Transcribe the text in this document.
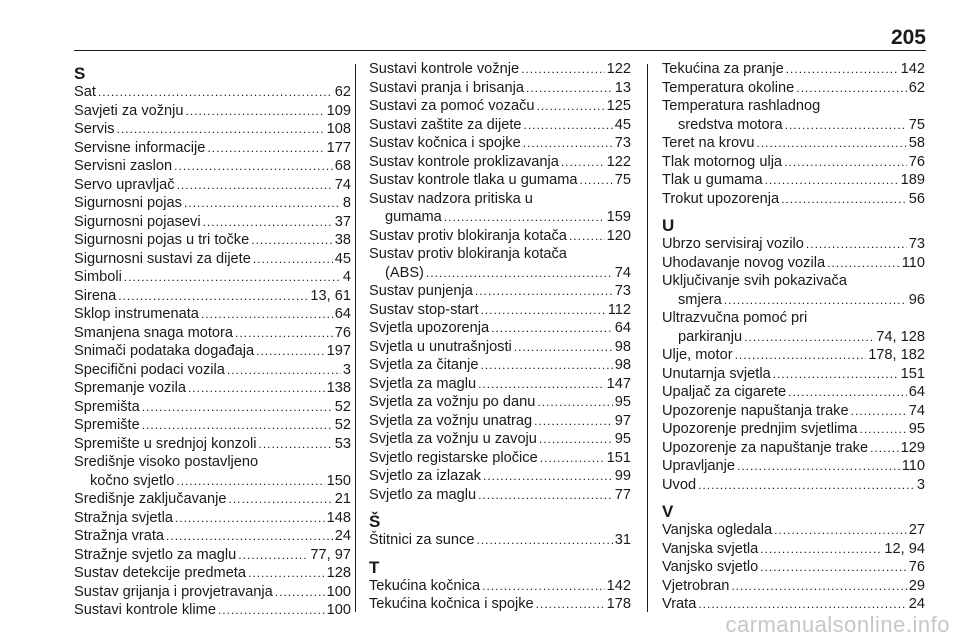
205
S
Sat .....	62
Savjeti za vožnju .....	109
Servis .....	108
Servisne informacije .....	177
Servisni zaslon .....	68
Servo upravljač .....	74
Sigurnosni pojas .....	8
Sigurnosni pojasevi .....	37
Sigurnosni pojas u tri točke .....	38
Sigurnosni sustavi za dijete .....	45
Simboli .....	4
Sirena .....	13, 61
Sklop instrumenata .....	64
Smanjena snaga motora .....	76
Snimači podataka događaja .....	197
Specifični podaci vozila .....	3
Spremanje vozila .....	138
Spremišta .....	52
Spremište .....	52
Spremište u srednjoj konzoli .....	53
Središnje visoko postavljeno
kočno svjetlo .....	150
Središnje zaključavanje .....	21
Stražnja svjetla .....	148
Stražnja vrata .....	24
Stražnje svjetlo za maglu .....	77, 97
Sustav detekcije predmeta .....	128
Sustav grijanja i provjetravanja .....	100
Sustavi kontrole klime .....	100
Sustavi kontrole vožnje .....	122
Sustavi pranja i brisanja .....	13
Sustavi za pomoć vozaču .....	125
Sustavi zaštite za dijete .....	45
Sustav kočnica i spojke .....	73
Sustav kontrole proklizavanja .....	122
Sustav kontrole tlaka u gumama .....	75
Sustav nadzora pritiska u
gumama .....	159
Sustav protiv blokiranja kotača .....	120
Sustav protiv blokiranja kotača
(ABS) .....	74
Sustav punjenja .....	73
Sustav stop-start .....	112
Svjetla upozorenja .....	64
Svjetla u unutrašnjosti .....	98
Svjetla za čitanje .....	98
Svjetla za maglu .....	147
Svjetla za vožnju po danu .....	95
Svjetla za vožnju unatrag .....	97
Svjetla za vožnju u zavoju .....	95
Svjetlo registarske pločice .....	151
Svjetlo za izlazak .....	99
Svjetlo za maglu .....	77
Š
Štitnici za sunce .....	31
T
Tekućina kočnica .....	142
Tekućina kočnica i spojke .....	178
Tekućina za pranje .....	142
Temperatura okoline .....	62
Temperatura rashladnog
sredstva motora .....	75
Teret na krovu .....	58
Tlak motornog ulja .....	76
Tlak u gumama .....	189
Trokut upozorenja .....	56
U
Ubrzo servisiraj vozilo .....	73
Uhodavanje novog vozila .....	110
Uključivanje svih pokazivača
smjera .....	96
Ultrazvučna pomoć pri
parkiranju .....	74, 128
Ulje, motor .....	178, 182
Unutarnja svjetla .....	151
Upaljač za cigarete .....	64
Upozorenje napuštanja trake .....	74
Upozorenje prednjim svjetlima .....	95
Upozorenje za napuštanje trake ..... 129
Upravljanje .....	110
Uvod .....	3
V
Vanjska ogledala .....	27
Vanjska svjetla .....	12, 94
Vanjsko svjetlo .....	76
Vjetrobran .....	29
Vrata .....	24
carmanualsonline.info
